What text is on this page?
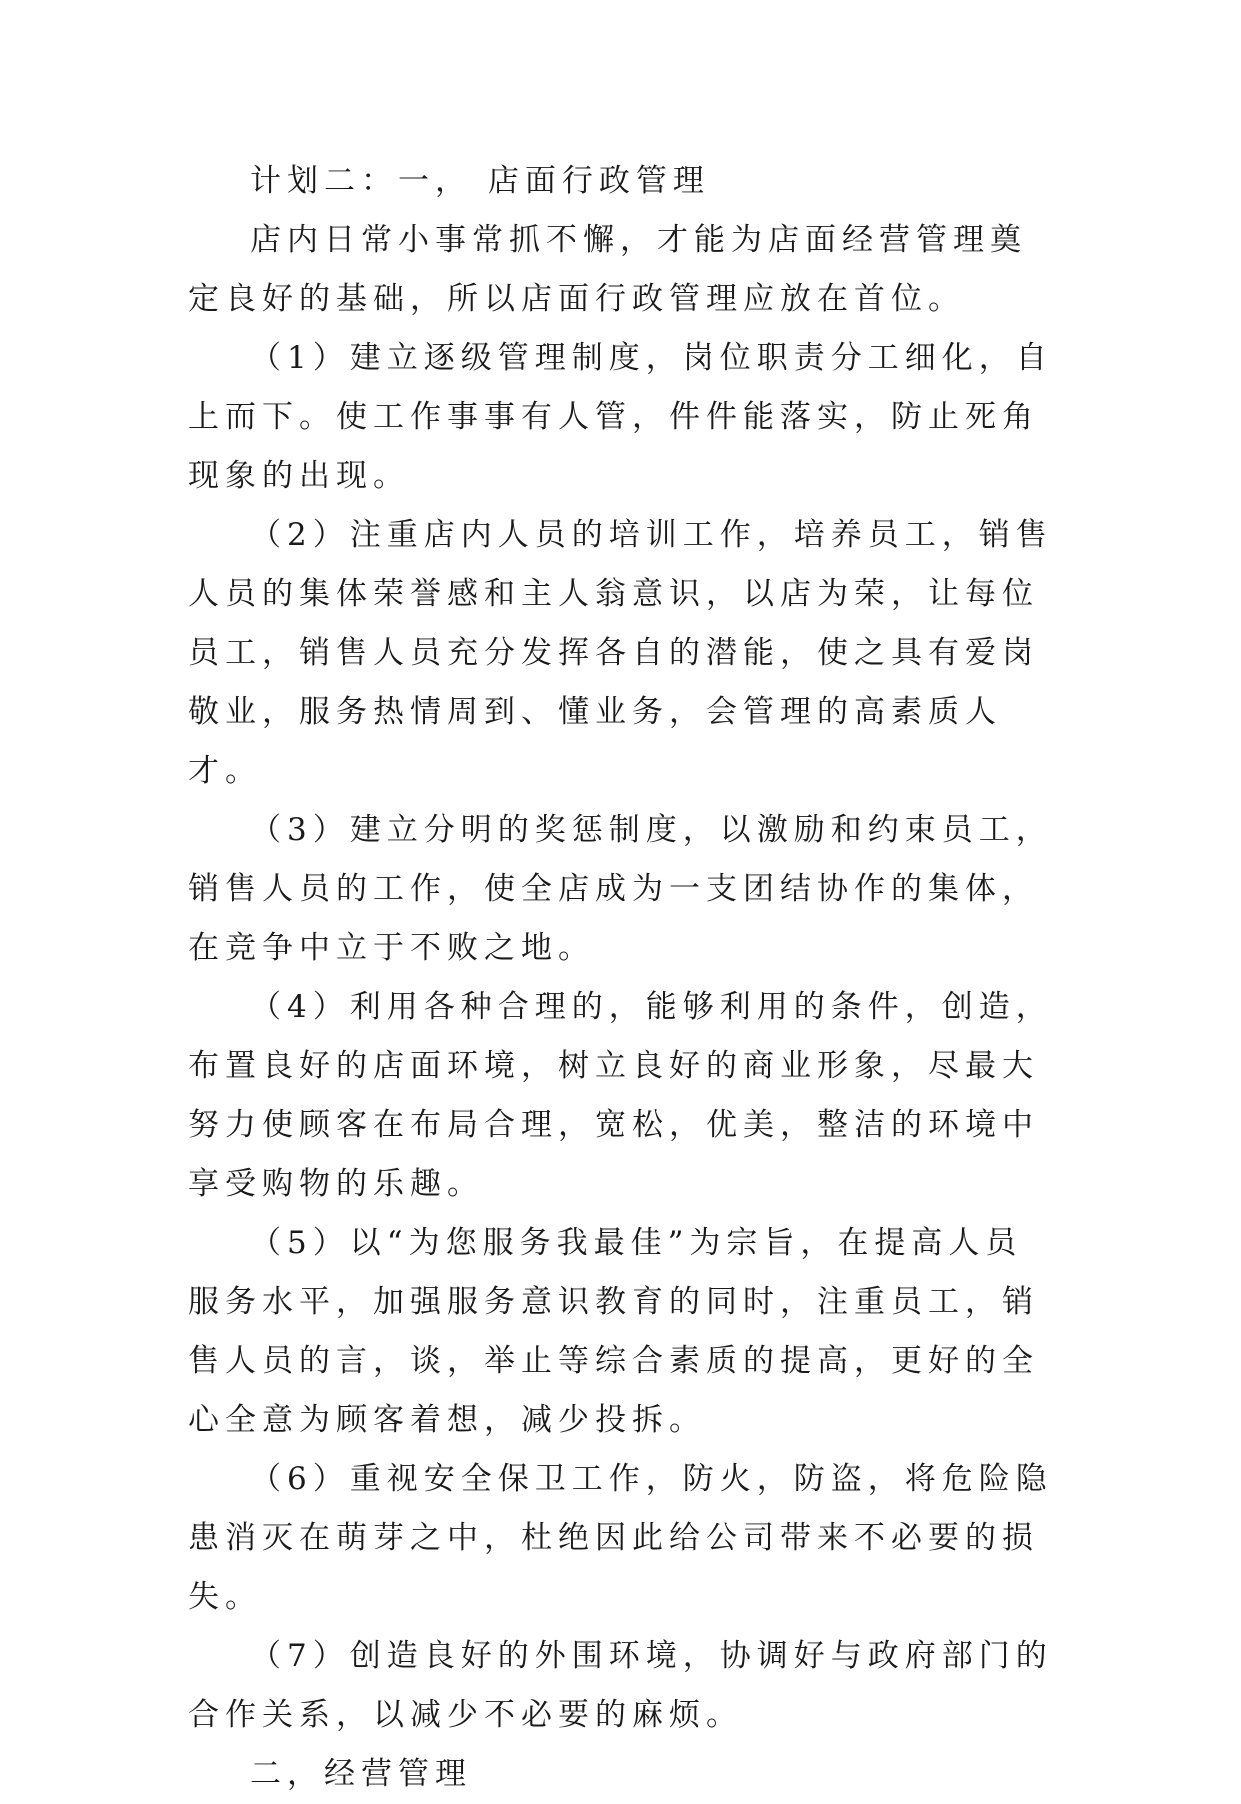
计划二：一， 店面行政管理

店内日常小事常抓不懈，才能为店面经营管理奠定良好的基础，所以店面行政管理应放在首位。

（1）建立逐级管理制度，岗位职责分工细化，自上而下。使工作事事有人管，件件能落实，防止死角现象的出现。

（2）注重店内人员的培训工作，培养员工，销售人员的集体荣誉感和主人翁意识，以店为荣，让每位员工，销售人员充分发挥各自的潜能，使之具有爱岗敬业，服务热情周到、懂业务，会管理的高素质人才。

（3）建立分明的奖惩制度，以激励和约束员工，销售人员的工作，使全店成为一支团结协作的集体，在竞争中立于不败之地。

（4）利用各种合理的，能够利用的条件，创造，布置良好的店面环境，树立良好的商业形象，尽最大努力使顾客在布局合理，宽松，优美，整洁的环境中享受购物的乐趣。

（5）以“为您服务我最佳”为宗旨，在提高人员服务水平，加强服务意识教育的同时，注重员工，销售人员的言，谈，举止等综合素质的提高，更好的全心全意为顾客着想，减少投拆。

（6）重视安全保卫工作，防火，防盗，将危险隐患消灭在萌芽之中，杜绝因此给公司带来不必要的损失。

（7）创造良好的外围环境，协调好与政府部门的合作关系，以减少不必要的麻烦。

二，经营管理
